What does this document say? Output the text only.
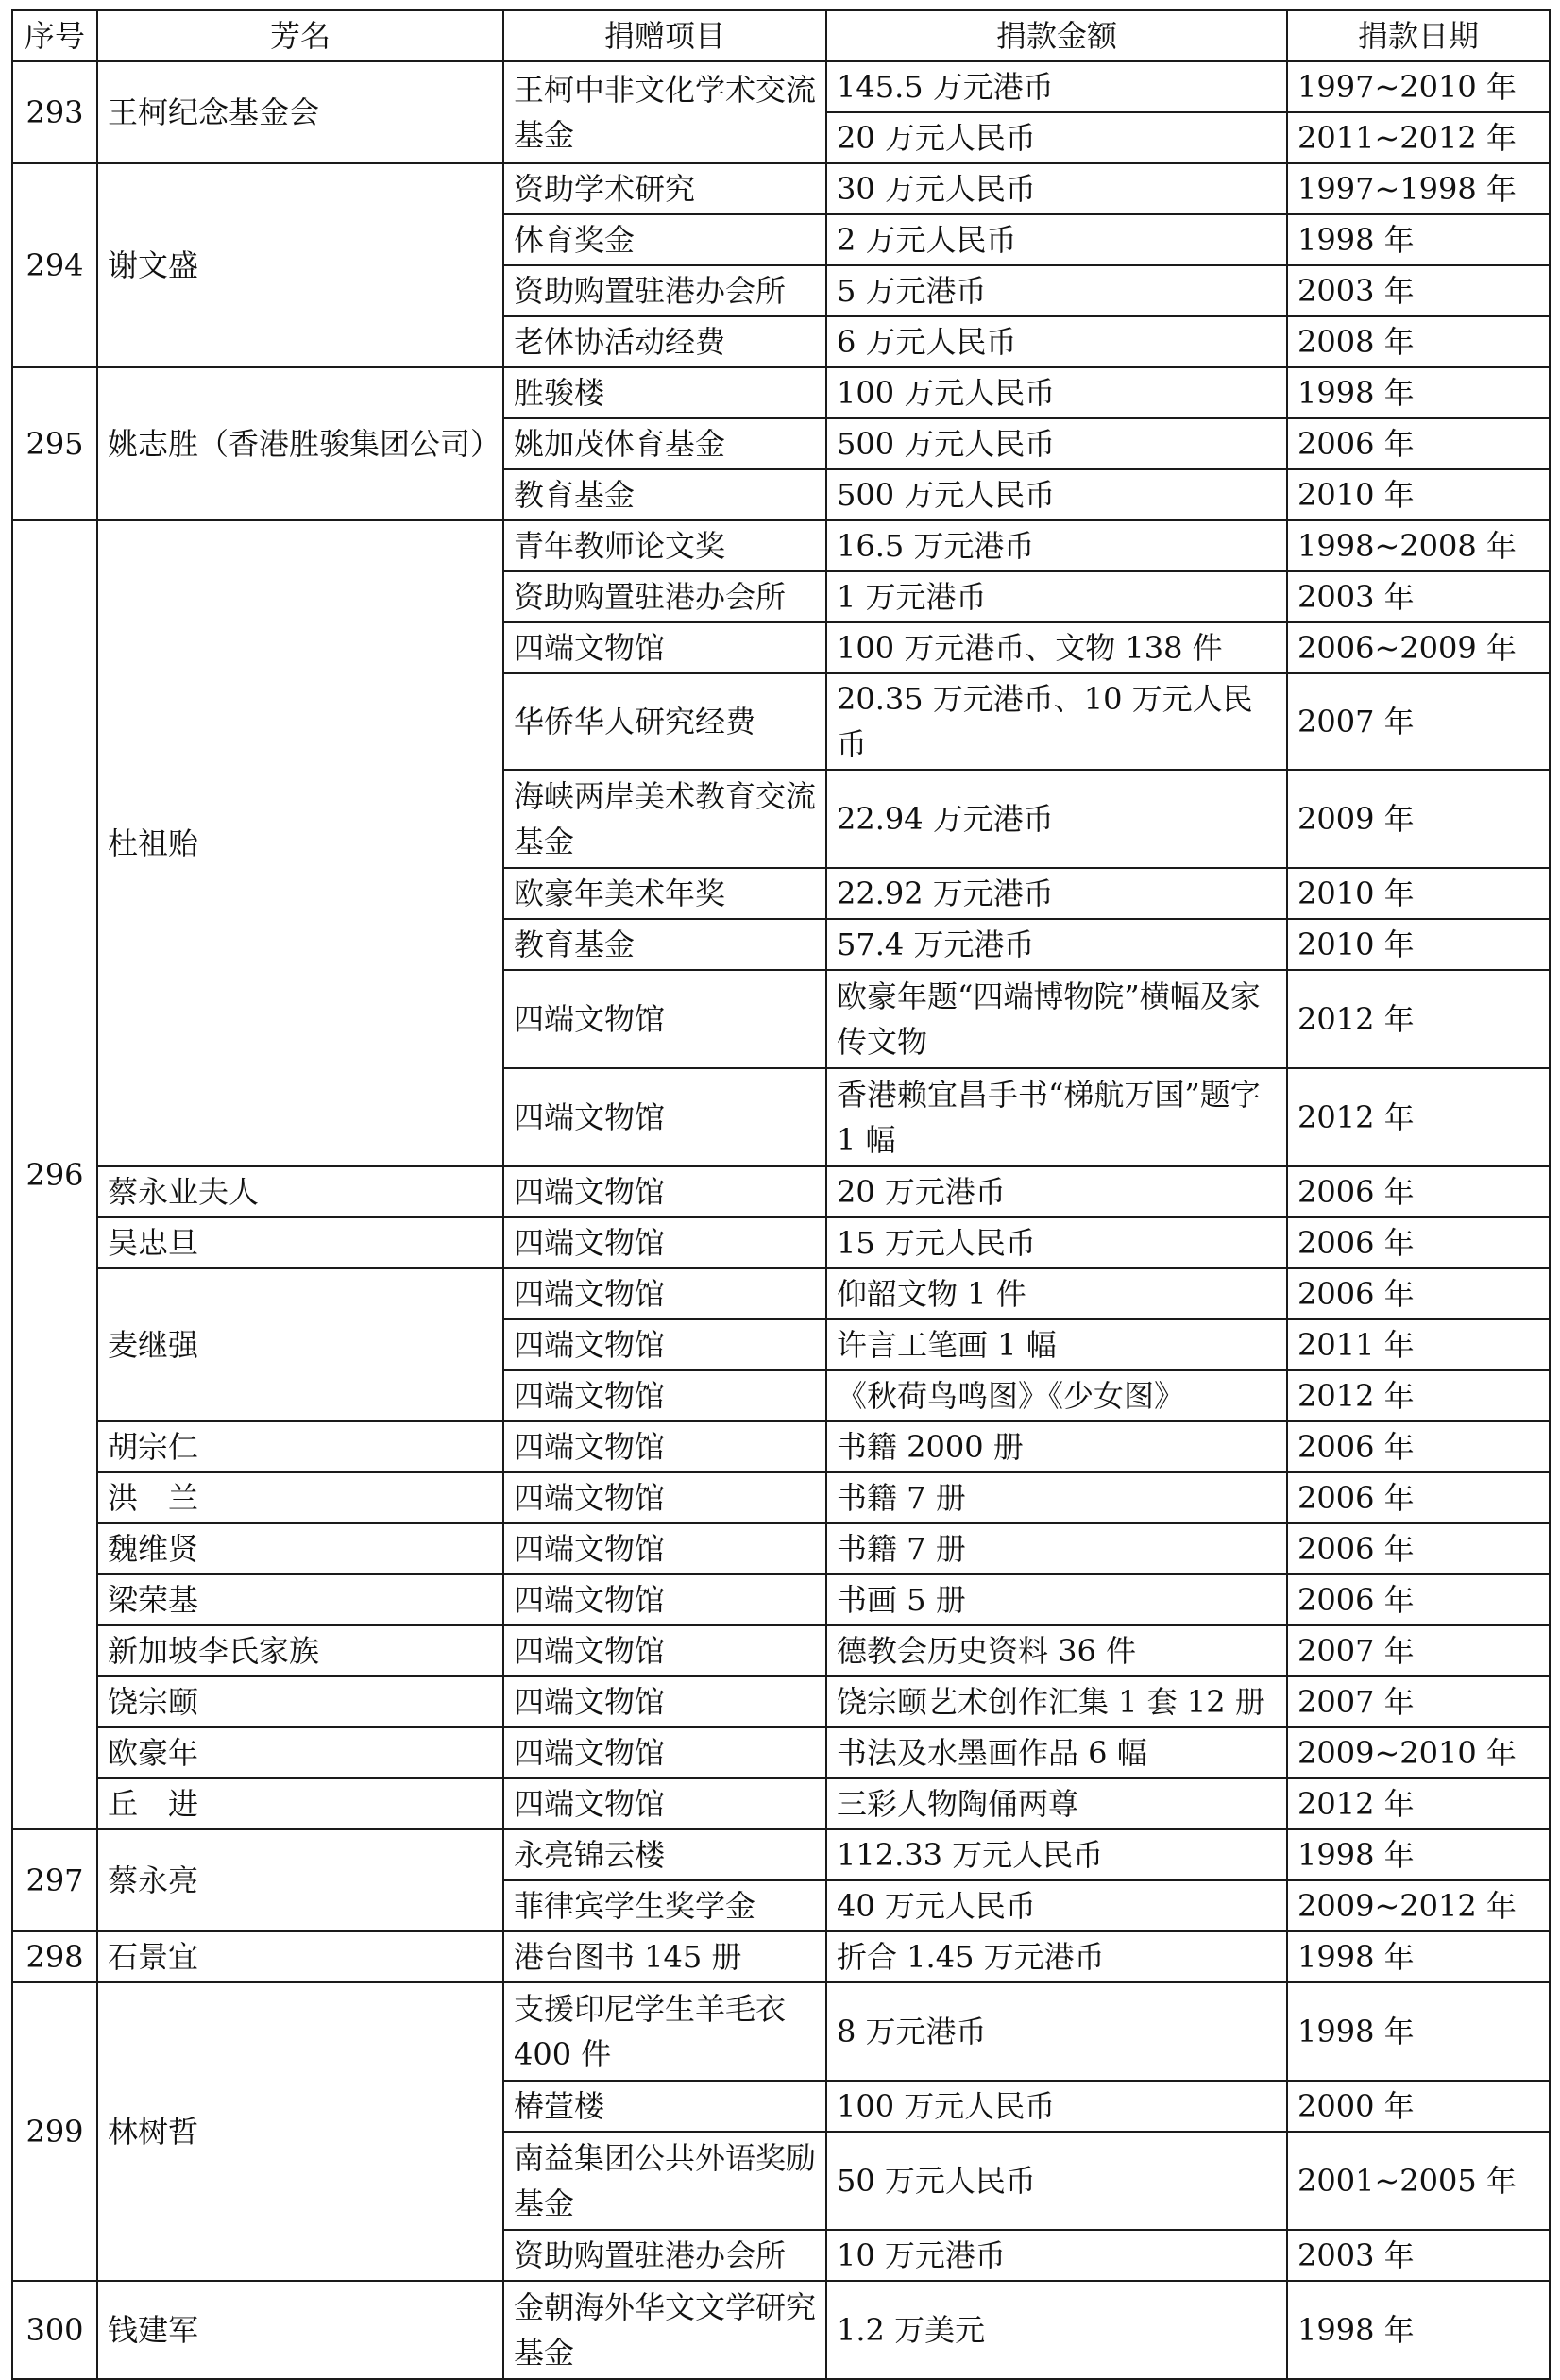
序号	芳名	捐赠项目	捐款金额	捐款日期
293	王柯纪念基金会	王柯中非文化学术交流基金	145.5 万元港币	1997~2010 年
			20 万元人民币	2011~2012 年
294	谢文盛	资助学术研究	30 万元人民币	1997~1998 年
		体育奖金	2 万元人民币	1998 年
		资助购置驻港办会所	5 万元港币	2003 年
		老体协活动经费	6 万元人民币	2008 年
295	姚志胜（香港胜骏集团公司）	胜骏楼	100 万元人民币	1998 年
		姚加茂体育基金	500 万元人民币	2006 年
		教育基金	500 万元人民币	2010 年
296	杜祖贻	青年教师论文奖	16.5 万元港币	1998~2008 年
		资助购置驻港办会所	1 万元港币	2003 年
		四端文物馆	100 万元港币、文物 138 件	2006~2009 年
		华侨华人研究经费	20.35 万元港币、10 万元人民币	2007 年
		海峡两岸美术教育交流基金	22.94 万元港币	2009 年
		欧豪年美术年奖	22.92 万元港币	2010 年
		教育基金	57.4 万元港币	2010 年
		四端文物馆	欧豪年题“四端博物院”横幅及家传文物	2012 年
		四端文物馆	香港赖宜昌手书“梯航万国”题字 1 幅	2012 年
	蔡永业夫人	四端文物馆	20 万元港币	2006 年
	吴忠旦	四端文物馆	15 万元人民币	2006 年
	麦继强	四端文物馆	仰韶文物 1 件	2006 年
		四端文物馆	许言工笔画 1 幅	2011 年
		四端文物馆	《秋荷鸟鸣图》《少女图》	2012 年
	胡宗仁	四端文物馆	书籍 2000 册	2006 年
	洪　兰	四端文物馆	书籍 7 册	2006 年
	魏维贤	四端文物馆	书籍 7 册	2006 年
	梁荣基	四端文物馆	书画 5 册	2006 年
	新加坡李氏家族	四端文物馆	德教会历史资料 36 件	2007 年
	饶宗颐	四端文物馆	饶宗颐艺术创作汇集 1 套 12 册	2007 年
	欧豪年	四端文物馆	书法及水墨画作品 6 幅	2009~2010 年
	丘　进	四端文物馆	三彩人物陶俑两尊	2012 年
297	蔡永亮	永亮锦云楼	112.33 万元人民币	1998 年
		菲律宾学生奖学金	40 万元人民币	2009~2012 年
298	石景宜	港台图书 145 册	折合 1.45 万元港币	1998 年
299	林树哲	支援印尼学生羊毛衣 400 件	8 万元港币	1998 年
		椿萱楼	100 万元人民币	2000 年
		南益集团公共外语奖励基金	50 万元人民币	2001~2005 年
		资助购置驻港办会所	10 万元港币	2003 年
300	钱建军	金朝海外华文文学研究基金	1.2 万美元	1998 年
